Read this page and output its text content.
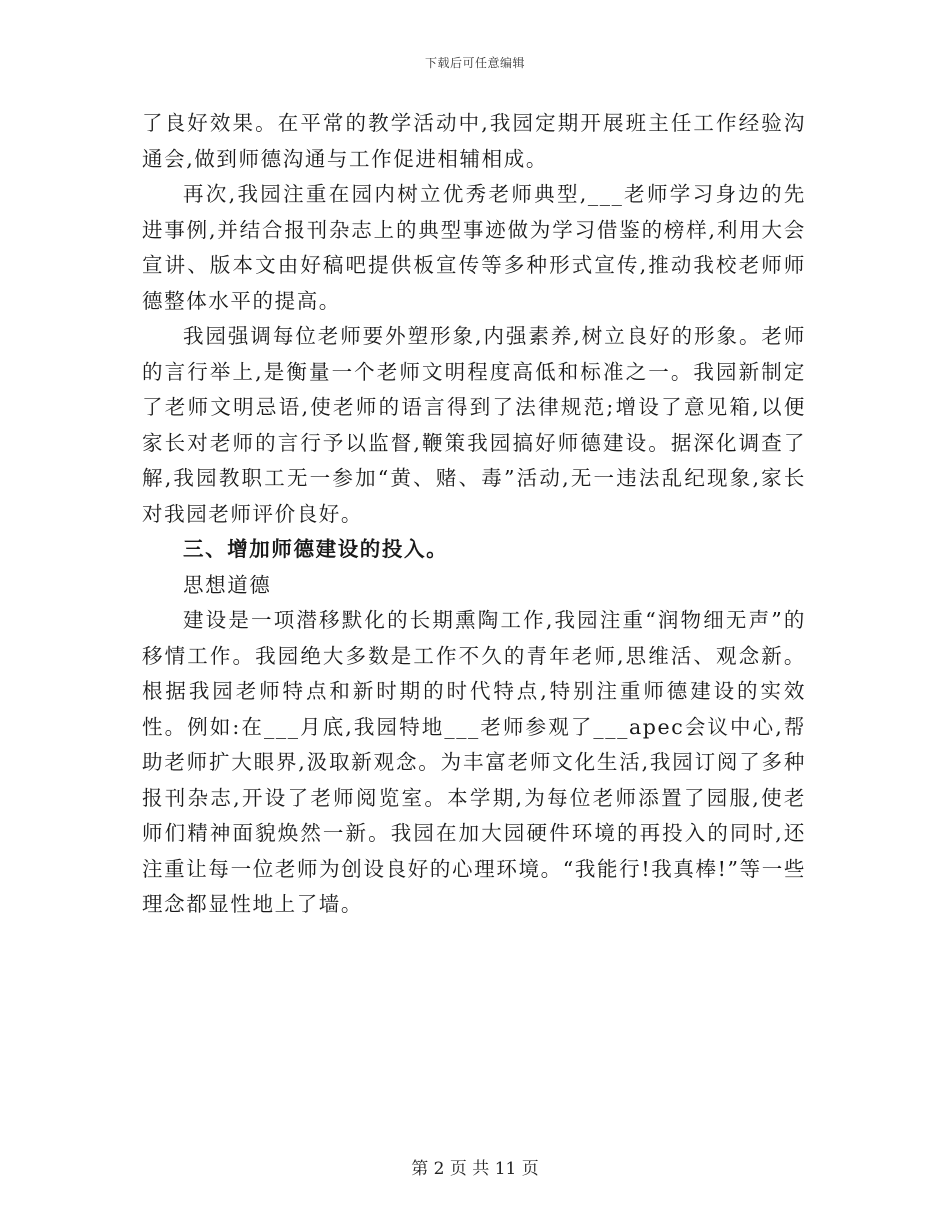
下载后可任意编辑

了良好效果。在平常的教学活动中,我园定期开展班主任工作经验沟通会,做到师德沟通与工作促进相辅相成。

再次,我园注重在园内树立优秀老师典型,___老师学习身边的先进事例,并结合报刊杂志上的典型事迹做为学习借鉴的榜样,利用大会宣讲、版本文由好稿吧提供板宣传等多种形式宣传,推动我校老师师德整体水平的提高。

我园强调每位老师要外塑形象,内强素养,树立良好的形象。老师的言行举上,是衡量一个老师文明程度高低和标准之一。我园新制定了老师文明忌语,使老师的语言得到了法律规范;增设了意见箱,以便家长对老师的言行予以监督,鞭策我园搞好师德建设。据深化调查了解,我园教职工无一参加“黄、赌、毒”活动,无一违法乱纪现象,家长对我园老师评价良好。

三、增加师德建设的投入。

思想道德

建设是一项潜移默化的长期熏陶工作,我园注重“润物细无声”的移情工作。我园绝大多数是工作不久的青年老师,思维活、观念新。根据我园老师特点和新时期的时代特点,特别注重师德建设的实效性。例如:在___月底,我园特地___老师参观了___apec会议中心,帮助老师扩大眼界,汲取新观念。为丰富老师文化生活,我园订阅了多种报刊杂志,开设了老师阅览室。本学期,为每位老师添置了园服,使老师们精神面貌焕然一新。我园在加大园硬件环境的再投入的同时,还注重让每一位老师为创设良好的心理环境。“我能行!我真棒!”等一些理念都显性地上了墙。

第 2 页 共 11 页
